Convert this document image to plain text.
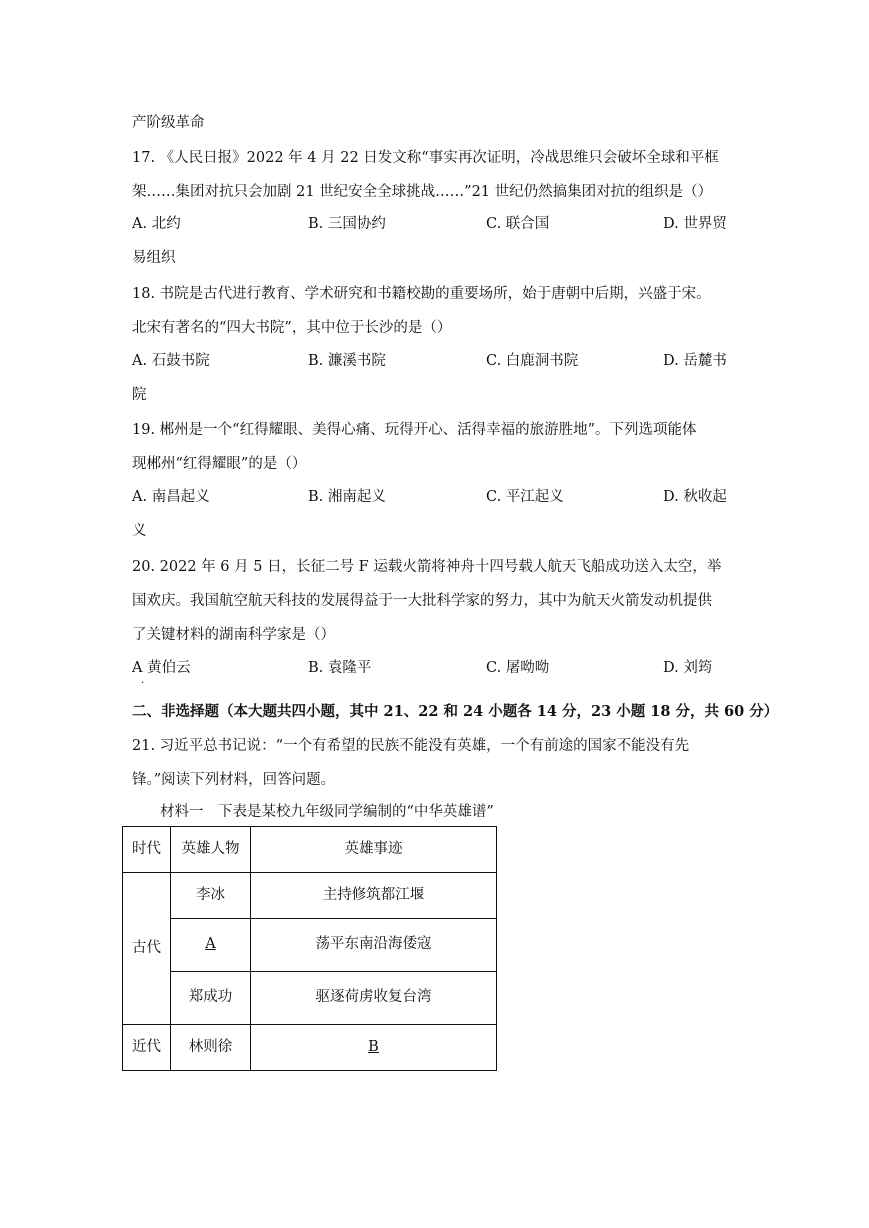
产阶级革命
17. 《人民日报》2022 年 4 月 22 日发文称“事实再次证明，冷战思维只会破坏全球和平框
架……集团对抗只会加剧 21 世纪安全全球挑战……”21 世纪仍然搞集团对抗的组织是（）
A. 北约	B. 三国协约	C. 联合国	D. 世界贸
易组织
18. 书院是古代进行教育、学术研究和书籍校勘的重要场所，始于唐朝中后期，兴盛于宋。
北宋有著名的“四大书院”，其中位于长沙的是（）
A. 石鼓书院	B. 濂溪书院	C. 白鹿洞书院	D. 岳麓书
院
19. 郴州是一个“红得耀眼、美得心痛、玩得开心、活得幸福的旅游胜地”。下列选项能体
现郴州“红得耀眼”的是（）
A. 南昌起义	B. 湘南起义	C. 平江起义	D. 秋收起
义
20. 2022 年 6 月 5 日，长征二号 F 运载火箭将神舟十四号载人航天飞船成功送入太空，举
国欢庆。我国航空航天科技的发展得益于一大批科学家的努力，其中为航天火箭发动机提供
了关键材料的湖南科学家是（）
A 黄伯云
·
B. 袁隆平	C. 屠呦呦	D. 刘筠
二、非选择题（本大题共四小题，其中 21、22 和 24 小题各 14 分，23 小题 18 分，共 60 分）
21. 习近平总书记说：“一个有希望的民族不能没有英雄，一个有前途的国家不能没有先
锋。”阅读下列材料，回答问题。
材料一　下表是某校九年级同学编制的“中华英雄谱”
时代	英雄人物	英雄事迹
古代	李冰	主持修筑都江堰
	A	荡平东南沿海倭寇
	郑成功	驱逐荷虏收复台湾
近代	林则徐	B
